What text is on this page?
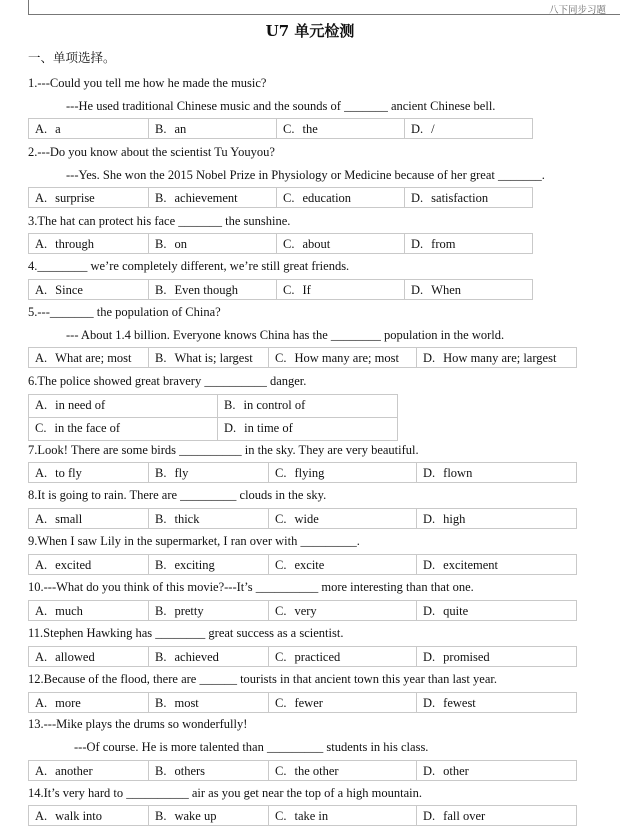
八下同步习题
U7 单元检测
一、单项选择。
1.---Could you tell me how he made the music?
---He used traditional Chinese music and the sounds of _______ ancient Chinese bell.
A. a	B. an	C. the	D. /
2.---Do you know about the scientist Tu Youyou?
---Yes. She won the 2015 Nobel Prize in Physiology or Medicine because of her great _______.
A. surprise	B. achievement	C. education	D. satisfaction
3.The hat can protect his face _______ the sunshine.
A. through	B. on	C. about	D. from
4.________ we’re completely different, we’re still great friends.
A. Since	B. Even though	C. If	D. When
5.---_______ the population of China?
--- About 1.4 billion. Everyone knows China has the ________ population in the world.
A. What are; most	B. What is; largest	C. How many are; most	D. How many are; largest
6.The police showed great bravery __________ danger.
A. in need of	B. in control of
C. in the face of	D. in time of
7.Look! There are some birds __________ in the sky. They are very beautiful.
A. to fly	B. fly	C. flying	D. flown
8.It is going to rain. There are _________ clouds in the sky.
A. small	B. thick	C. wide	D. high
9.When I saw Lily in the supermarket, I ran over with _________.
A. excited	B. exciting	C. excite	D. excitement
10.---What do you think of this movie?---It’s __________ more interesting than that one.
A. much	B. pretty	C. very	D. quite
11.Stephen Hawking has ________ great success as a scientist.
A. allowed	B. achieved	C. practiced	D. promised
12.Because of the flood, there are ______ tourists in that ancient town this year than last year.
A. more	B. most	C. fewer	D. fewest
13.---Mike plays the drums so wonderfully!
---Of course. He is more talented than _________ students in his class.
A. another	B. others	C. the other	D. other
14.It’s very hard to __________ air as you get near the top of a high mountain.
A. walk into	B. wake up	C. take in	D. fall over
